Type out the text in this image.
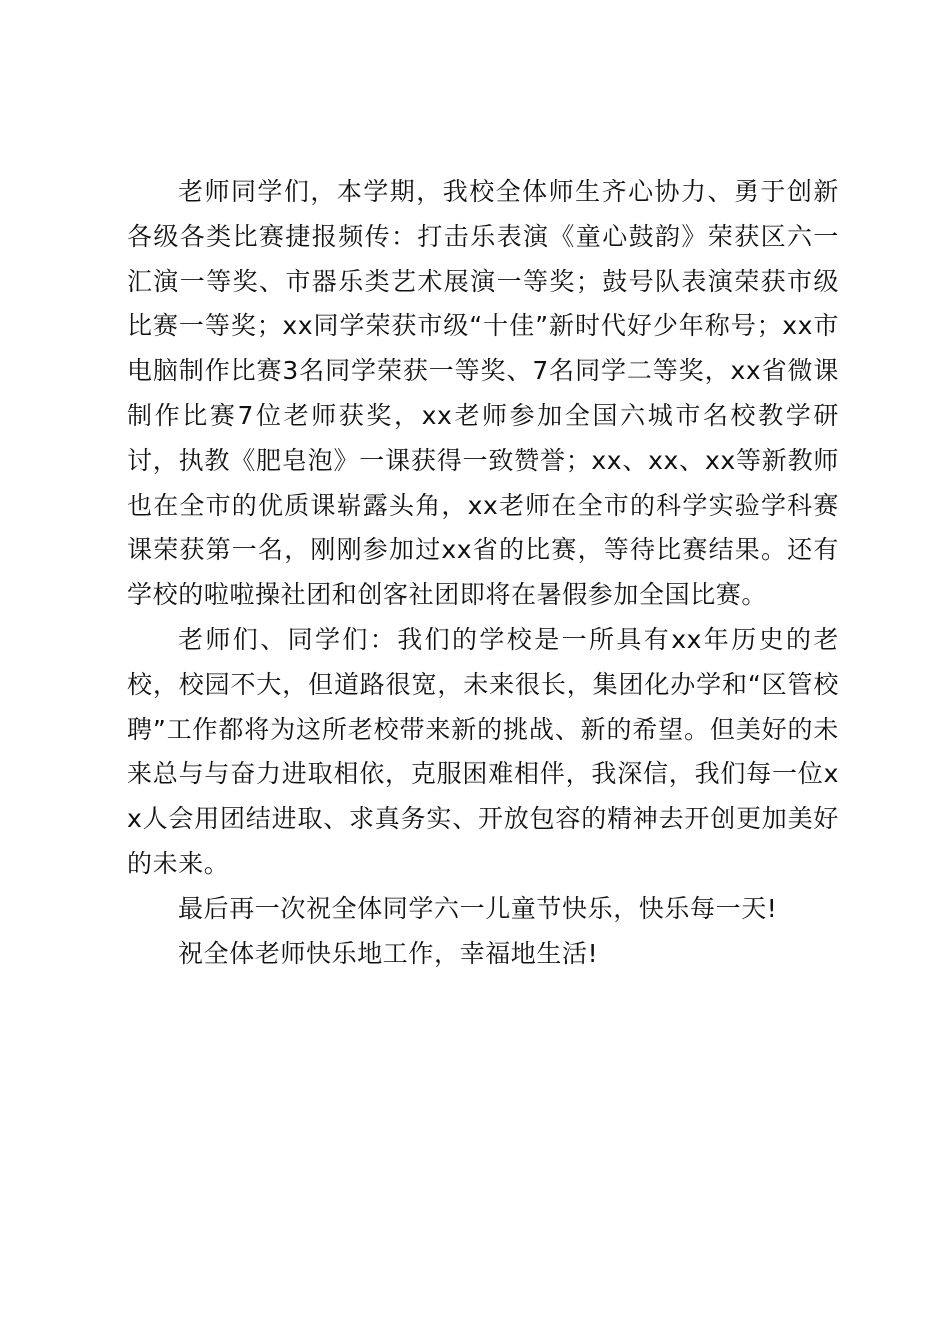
老师同学们，本学期，我校全体师生齐心协力、勇于创新各级各类比赛捷报频传：打击乐表演《童心鼓韵》荣获区六一汇演一等奖、市器乐类艺术展演一等奖；鼓号队表演荣获市级比赛一等奖；xx同学荣获市级“十佳”新时代好少年称号；xx市电脑制作比赛3名同学荣获一等奖、7名同学二等奖，xx省微课制作比赛7位老师获奖，xx老师参加全国六城市名校教学研讨，执教《肥皂泡》一课获得一致赞誉；xx、xx、xx等新教师也在全市的优质课崭露头角，xx老师在全市的科学实验学科赛课荣获第一名，刚刚参加过xx省的比赛，等待比赛结果。还有学校的啦啦操社团和创客社团即将在暑假参加全国比赛。

老师们、同学们：我们的学校是一所具有xx年历史的老校，校园不大，但道路很宽，未来很长，集团化办学和“区管校聘”工作都将为这所老校带来新的挑战、新的希望。但美好的未来总与与奋力进取相依，克服困难相伴，我深信，我们每一位xx人会用团结进取、求真务实、开放包容的精神去开创更加美好的未来。

最后再一次祝全体同学六一儿童节快乐，快乐每一天!

祝全体老师快乐地工作，幸福地生活!
